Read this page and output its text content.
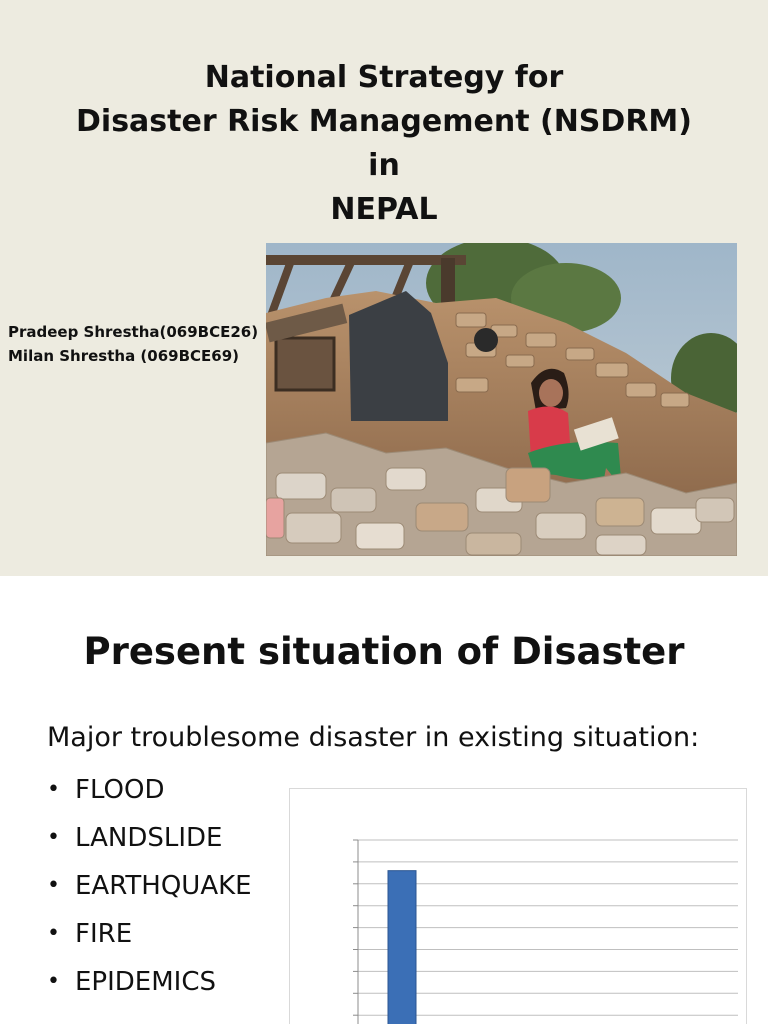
National Strategy for
Disaster Risk Management (NSDRM)
in
NEPAL
Pradeep Shrestha(069BCE26)
Milan Shrestha (069BCE69)
Present situation of Disaster

Major troublesome disaster in existing situation:

• FLOOD
• LANDSLIDE
• EARTHQUAKE
• FIRE
• EPIDEMICS
